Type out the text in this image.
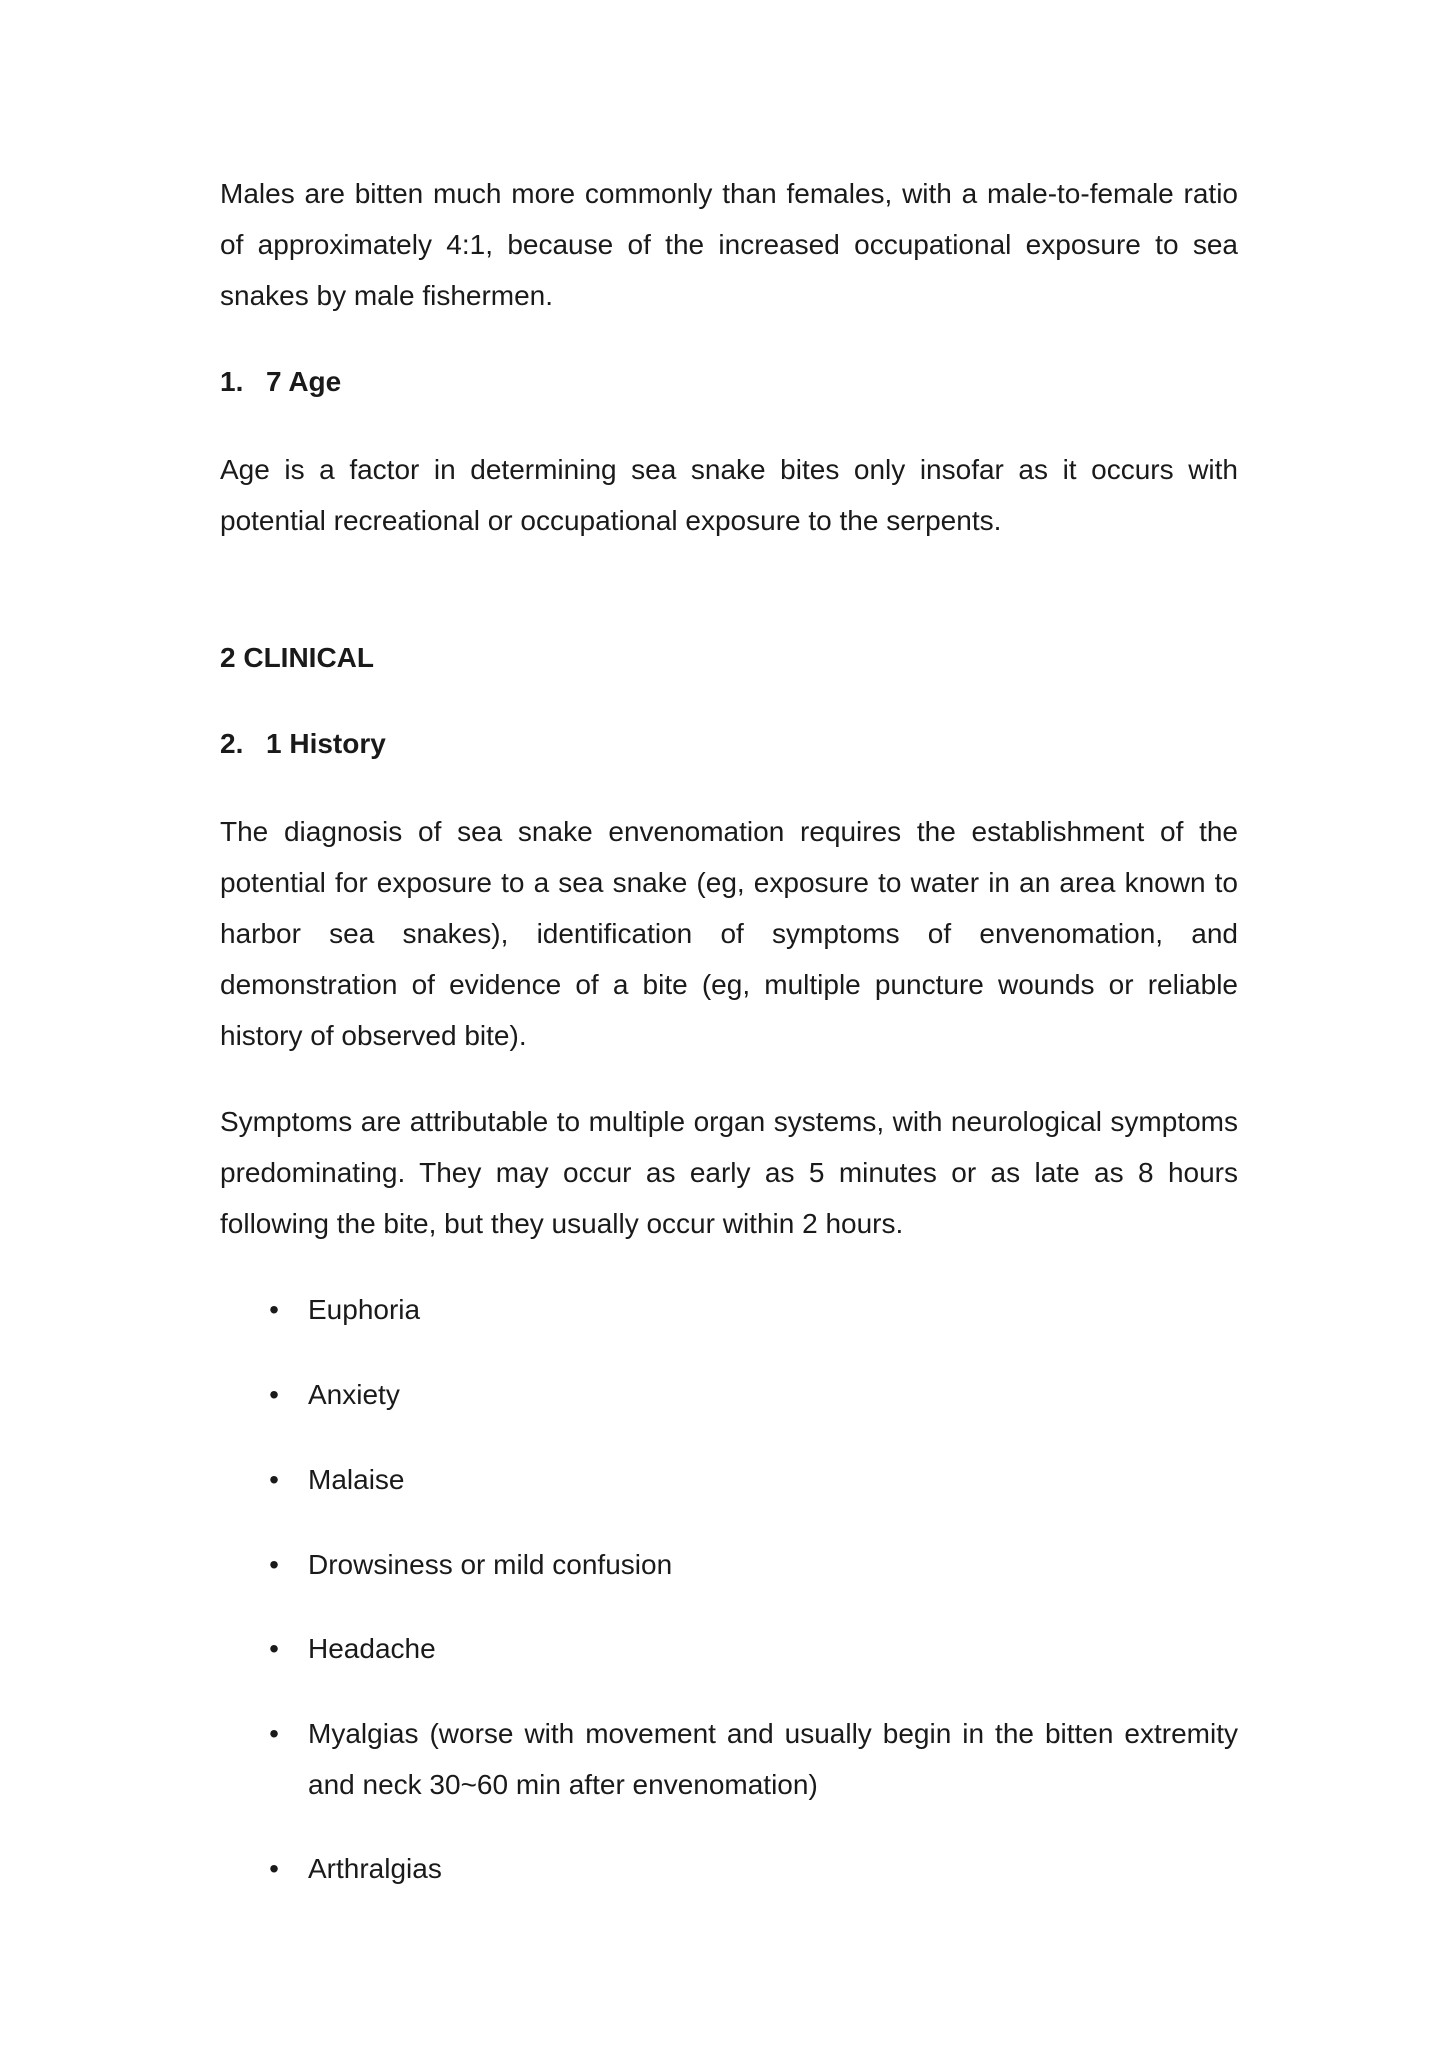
Males are bitten much more commonly than females, with a male-to-female ratio of approximately 4:1, because of the increased occupational exposure to sea snakes by male fishermen.

1. 7 Age

Age is a factor in determining sea snake bites only insofar as it occurs with potential recreational or occupational exposure to the serpents.

2 CLINICAL
2. 1 History

The diagnosis of sea snake envenomation requires the establishment of the potential for exposure to a sea snake (eg, exposure to water in an area known to harbor sea snakes), identification of symptoms of envenomation, and demonstration of evidence of a bite (eg, multiple puncture wounds or reliable history of observed bite).

Symptoms are attributable to multiple organ systems, with neurological symptoms predominating. They may occur as early as 5 minutes or as late as 8 hours following the bite, but they usually occur within 2 hours.

• Euphoria
• Anxiety
• Malaise
• Drowsiness or mild confusion
• Headache
• Myalgias (worse with movement and usually begin in the bitten extremity and neck 30~60 min after envenomation)
• Arthralgias
